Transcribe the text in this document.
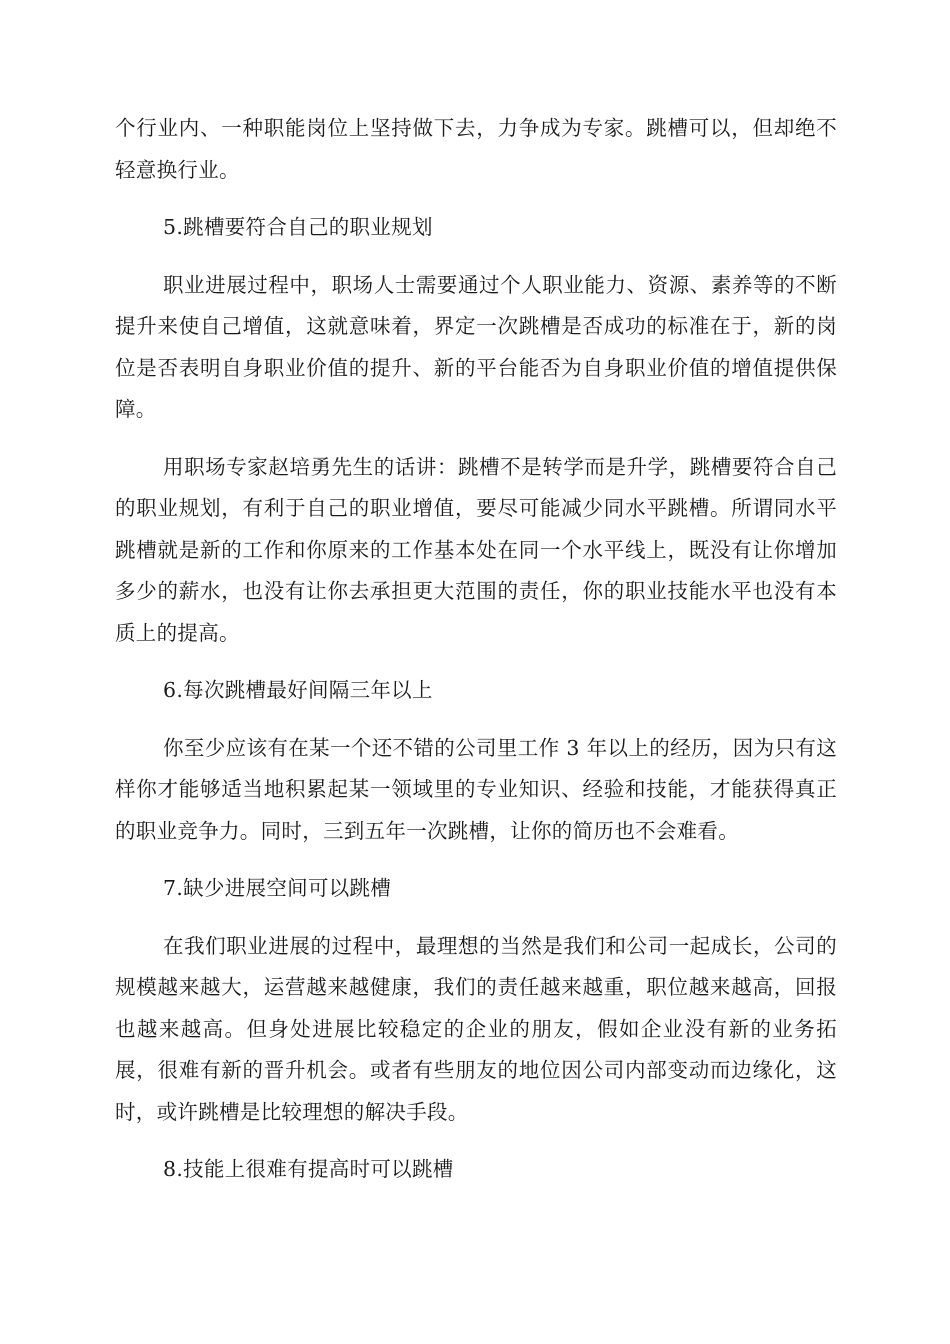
个行业内、一种职能岗位上坚持做下去，力争成为专家。跳槽可以，但却绝不轻意换行业。

5.跳槽要符合自己的职业规划

职业进展过程中，职场人士需要通过个人职业能力、资源、素养等的不断提升来使自己增值，这就意味着，界定一次跳槽是否成功的标准在于，新的岗位是否表明自身职业价值的提升、新的平台能否为自身职业价值的增值提供保障。

用职场专家赵培勇先生的话讲：跳槽不是转学而是升学，跳槽要符合自己的职业规划，有利于自己的职业增值，要尽可能减少同水平跳槽。所谓同水平跳槽就是新的工作和你原来的工作基本处在同一个水平线上，既没有让你增加多少的薪水，也没有让你去承担更大范围的责任，你的职业技能水平也没有本质上的提高。

6.每次跳槽最好间隔三年以上

你至少应该有在某一个还不错的公司里工作 3 年以上的经历，因为只有这样你才能够适当地积累起某一领域里的专业知识、经验和技能，才能获得真正的职业竞争力。同时，三到五年一次跳槽，让你的简历也不会难看。

7.缺少进展空间可以跳槽

在我们职业进展的过程中，最理想的当然是我们和公司一起成长，公司的规模越来越大，运营越来越健康，我们的责任越来越重，职位越来越高，回报也越来越高。但身处进展比较稳定的企业的朋友，假如企业没有新的业务拓展，很难有新的晋升机会。或者有些朋友的地位因公司内部变动而边缘化，这时，或许跳槽是比较理想的解决手段。

8.技能上很难有提高时可以跳槽
